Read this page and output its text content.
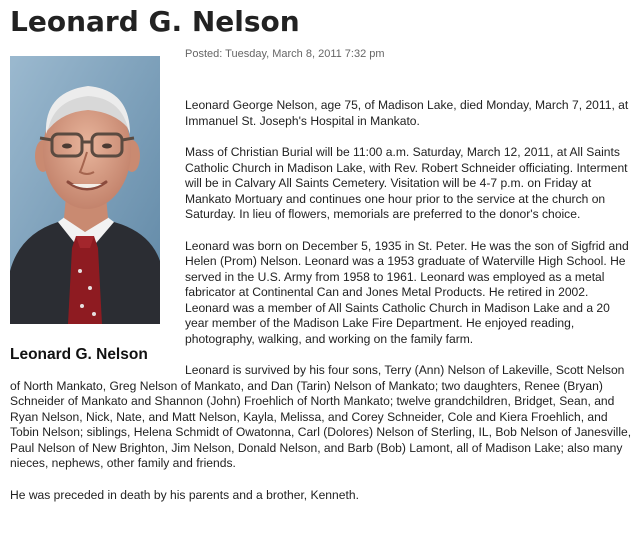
Leonard G. Nelson
Leonard G. Nelson
Posted: Tuesday, March 8, 2011 7:32 pm

Leonard George Nelson, age 75, of Madison Lake, died Monday, March 7, 2011, at Immanuel St. Joseph's Hospital in Mankato.

Mass of Christian Burial will be 11:00 a.m. Saturday, March 12, 2011, at All Saints Catholic Church in Madison Lake, with Rev. Robert Schneider officiating. Interment will be in Calvary All Saints Cemetery. Visitation will be 4-7 p.m. on Friday at Mankato Mortuary and continues one hour prior to the service at the church on Saturday. In lieu of flowers, memorials are preferred to the donor's choice.

Leonard was born on December 5, 1935 in St. Peter. He was the son of Sigfrid and Helen (Prom) Nelson. Leonard was a 1953 graduate of Waterville High School. He served in the U.S. Army from 1958 to 1961. Leonard was employed as a metal fabricator at Continental Can and Jones Metal Products. He retired in 2002. Leonard was a member of All Saints Catholic Church in Madison Lake and a 20 year member of the Madison Lake Fire Department. He enjoyed reading, photography, walking, and working on the family farm.

Leonard is survived by his four sons, Terry (Ann) Nelson of Lakeville, Scott Nelson of North Mankato, Greg Nelson of Mankato, and Dan (Tarin) Nelson of Mankato; two daughters, Renee (Bryan) Schneider of Mankato and Shannon (John) Froehlich of North Mankato; twelve grandchildren, Bridget, Sean, and Ryan Nelson, Nick, Nate, and Matt Nelson, Kayla, Melissa, and Corey Schneider, Cole and Kiera Froehlich, and Tobin Nelson; siblings, Helena Schmidt of Owatonna, Carl (Dolores) Nelson of Sterling, IL, Bob Nelson of Janesville, Paul Nelson of New Brighton, Jim Nelson, Donald Nelson, and Barb (Bob) Lamont, all of Madison Lake; also many nieces, nephews, other family and friends.

He was preceded in death by his parents and a brother, Kenneth.
